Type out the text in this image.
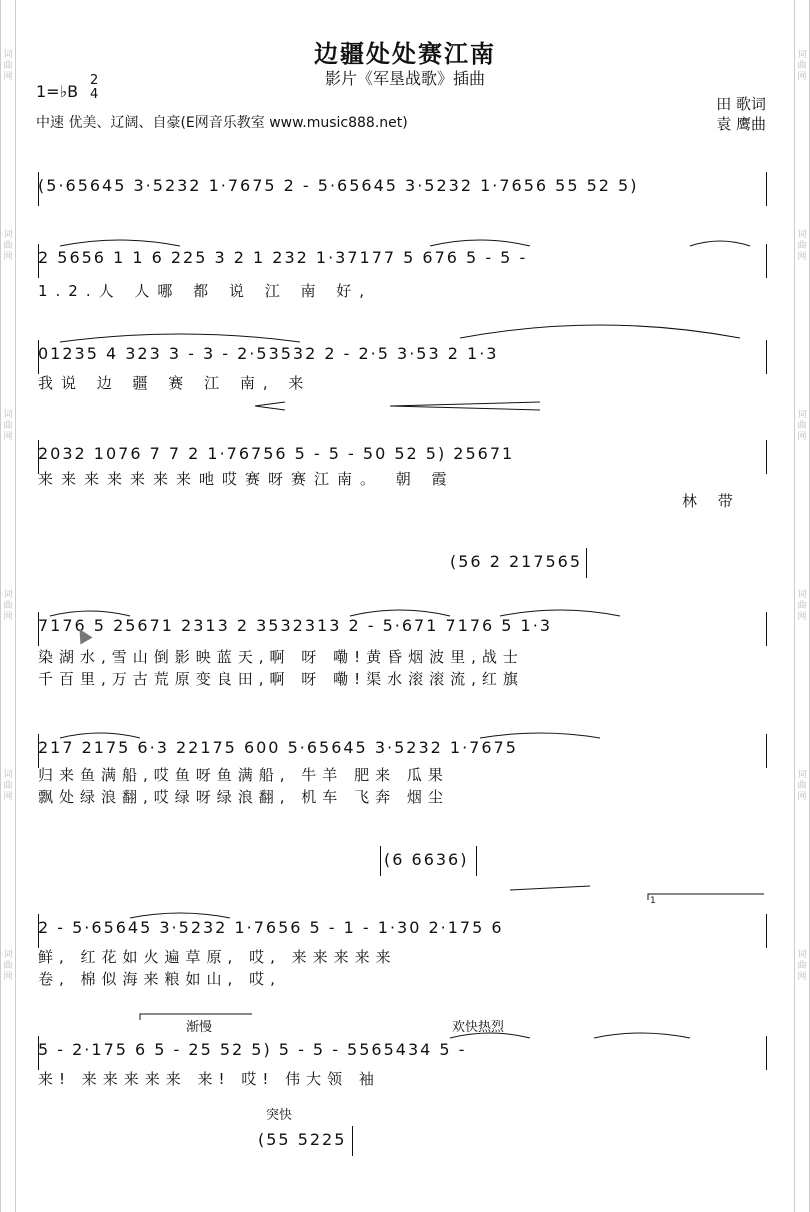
词曲网
词曲网
词曲网
词曲网
词曲网
词曲网
词曲网
词曲网
词曲网
词曲网
词曲网
词曲网
边疆处处赛江南
影片《军垦战歌》插曲
1=♭B
2
4
田 歌词
袁 鹰曲
中速 优美、辽阔、自豪(E网音乐教室 www.music888.net)
(5·65645 3·5232 1·7675 2 - 5·65645 3·5232 1·7656 55 52 5)
2 5656 1 1 6 225 3 2 1 232 1·37177 5 676 5 - 5 -
1.2.人 人哪 都 说 江 南 好,
01235 4 323 3 - 3 - 2·53532 2 - 2·5 3·53 2 1·3
我说 边 疆 赛 江 南, 来
2032 1076 7 7 2 1·76756 5 - 5 - 50 52 5) 25671
来来来来来来来吔哎赛呀赛江南。 朝 霞
林 带
(56 2 217565
7176 5 25671 2313 2 3532313 2 - 5·671 7176 5 1·3
染湖水,雪山倒影映蓝天,啊 呀 嘞!黄昏烟波里,战士
千百里,万古荒原变良田,啊 呀 嘞!渠水滚滚流,红旗
217 2175 6·3 22175 600 5·65645 3·5232 1·7675
归来鱼满船,哎鱼呀鱼满船, 牛羊 肥来 瓜果
飘处绿浪翻,哎绿呀绿浪翻, 机车 飞奔 烟尘
(6 6636)
2 - 5·65645 3·5232 1·7656 5 - 1 - 1·30 2·175 6
鲜, 红花如火遍草原, 哎, 来来来来来
卷, 棉似海来粮如山, 哎,
渐慢	欢快热烈
5 - 2·175 6 5 - 25 52 5) 5 - 5 - 5565434 5 -
来! 来来来来来 来! 哎! 伟大领 袖
突快
(55 5225
1
